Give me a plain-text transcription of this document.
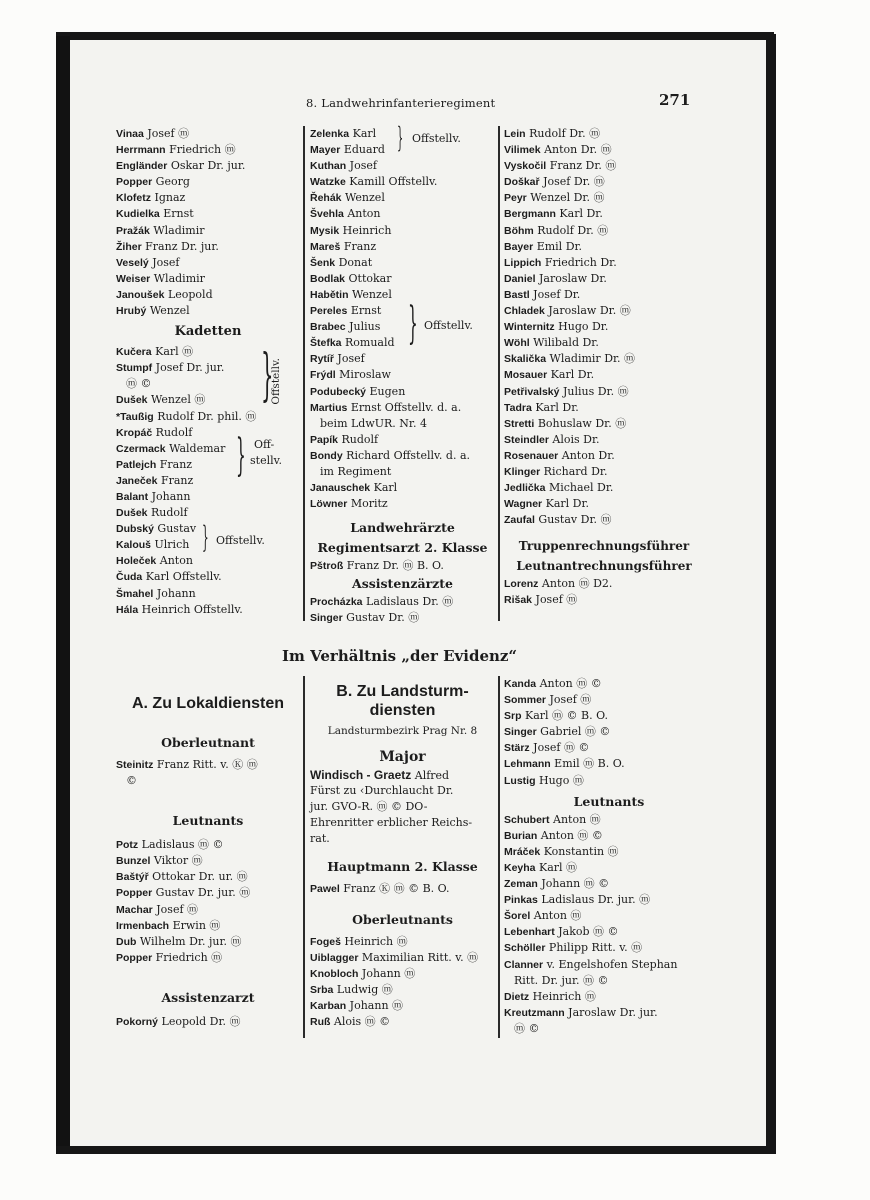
8. Landwehrinfanterieregiment	271
Vinaa Josef ⓜ
Herrmann Friedrich ⓜ
Engländer Oskar Dr. jur.
Popper Georg
Klofetz Ignaz
Kudielka Ernst
Pražák Wladimir
Žiher Franz Dr. jur.
Veselý Josef
Weiser Wladimir
Janoušek Leopold
Hrubý Wenzel
Kadetten
Kučera Karl ⓜ
Stumpf Josef Dr. jur.
ⓜ ©
Dušek Wenzel ⓜ
*Taußig Rudolf Dr. phil. ⓜ
Kropáč Rudolf
Czermack Waldemar
Patlejch Franz
Janeček Franz
Balant Johann
Dušek Rudolf
Dubský Gustav
Kalouš Ulrich
Holeček Anton
Čuda Karl Offstellv.
Šmahel Johann
Hála Heinrich Offstellv.
}
Offstellv.
} Off-
stellv.
} Offstellv.
Zelenka Karl
Mayer Eduard
Kuthan Josef
Watzke Kamill Offstellv.
Řehák Wenzel
Švehla Anton
Mysik Heinrich
Mareš Franz
Šenk Donat
Bodlak Ottokar
Habětin Wenzel
Pereles Ernst
Brabec Julius
Štefka Romuald
Rytíř Josef
Frýdl Miroslaw
Podubecký Eugen
Martius Ernst Offstellv. d. a.
beim LdwUR. Nr. 4
Papík Rudolf
Bondy Richard Offstellv. d. a.
im Regiment
Janauschek Karl
Löwner Moritz
Landwehrärzte
Regimentsarzt 2. Klasse
Pštroß Franz Dr. ⓜ B. O.
Assistenzärzte
Procházka Ladislaus Dr. ⓜ
Singer Gustav Dr. ⓜ
} Offstellv.
} Offstellv.
Lein Rudolf Dr. ⓜ
Vilimek Anton Dr. ⓜ
Vyskočil Franz Dr. ⓜ
Doškař Josef Dr. ⓜ
Peyr Wenzel Dr. ⓜ
Bergmann Karl Dr.
Böhm Rudolf Dr. ⓜ
Bayer Emil Dr.
Lippich Friedrich Dr.
Daniel Jaroslaw Dr.
Bastl Josef Dr.
Chladek Jaroslaw Dr. ⓜ
Winternitz Hugo Dr.
Wöhl Wilibald Dr.
Skalička Wladimir Dr. ⓜ
Mosauer Karl Dr.
Petřivalský Julius Dr. ⓜ
Tadra Karl Dr.
Stretti Bohuslaw Dr. ⓜ
Steindler Alois Dr.
Rosenauer Anton Dr.
Klinger Richard Dr.
Jedlička Michael Dr.
Wagner Karl Dr.
Zaufal Gustav Dr. ⓜ
Truppenrechnungsführer
Leutnantrechnungsführer
Lorenz Anton ⓜ D2.
Rišak Josef ⓜ
Im Verhältnis „der Evidenz“
A. Zu Lokaldiensten
Oberleutnant
Steinitz Franz Ritt. v. Ⓚ ⓜ
©
Leutnants
Potz Ladislaus ⓜ ©
Bunzel Viktor ⓜ
Baštýř Ottokar Dr. ur. ⓜ
Popper Gustav Dr. jur. ⓜ
Machar Josef ⓜ
Irmenbach Erwin ⓜ
Dub Wilhelm Dr. jur. ⓜ
Popper Friedrich ⓜ
Assistenzarzt
Pokorný Leopold Dr. ⓜ
B. Zu Landsturm-
diensten
Landsturmbezirk Prag Nr. 8
Major
Windisch - Graetz Alfred
Fürst zu ‹Durchlaucht Dr.
jur. GVO-R. ⓜ © DO-
Ehrenritter erblicher Reichs-
rat.
Hauptmann 2. Klasse
Pawel Franz Ⓚ ⓜ © B. O.
Oberleutnants
Fogeš Heinrich ⓜ
Uiblagger Maximilian Ritt. v. ⓜ
Knobloch Johann ⓜ
Srba Ludwig ⓜ
Karban Johann ⓜ
Ruß Alois ⓜ ©
Kanda Anton ⓜ ©
Sommer Josef ⓜ
Srp Karl ⓜ © B. O.
Singer Gabriel ⓜ ©
Stärz Josef ⓜ ©
Lehmann Emil ⓜ B. O.
Lustig Hugo ⓜ
Leutnants
Schubert Anton ⓜ
Burian Anton ⓜ ©
Mráček Konstantin ⓜ
Keyha Karl ⓜ
Zeman Johann ⓜ ©
Pinkas Ladislaus Dr. jur. ⓜ
Šorel Anton ⓜ
Lebenhart Jakob ⓜ ©
Schöller Philipp Ritt. v. ⓜ
Clanner v. Engelshofen Stephan
Ritt. Dr. jur. ⓜ ©
Dietz Heinrich ⓜ
Kreutzmann Jaroslaw Dr. jur.
ⓜ ©
